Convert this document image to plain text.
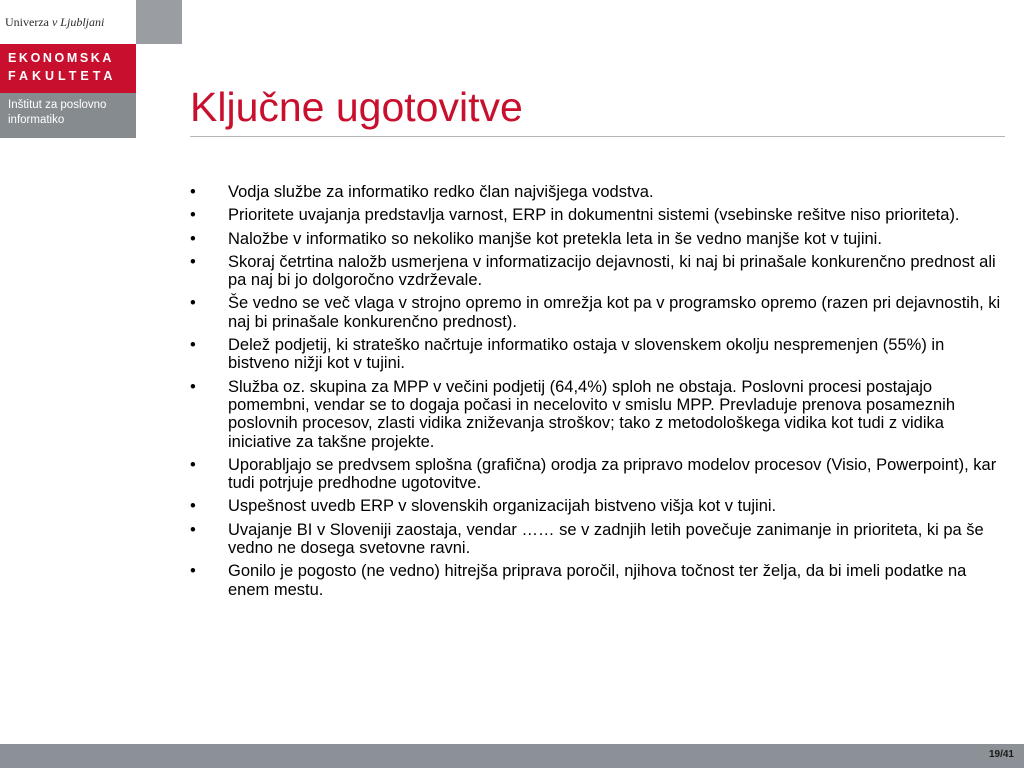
Univerza v Ljubljani
EKONOMSKA
FAKULTETA
Inštitut za poslovno
informatiko	Ključne ugotovitve
•	Vodja službe za informatiko redko član najvišjega vodstva.
•	Prioritete uvajanja predstavlja varnost, ERP in dokumentni sistemi (vsebinske rešitve niso prioriteta).
•	Naložbe v informatiko so nekoliko manjše kot pretekla leta in še vedno manjše kot v tujini.
•	Skoraj četrtina naložb usmerjena v informatizacijo dejavnosti, ki naj bi prinašale konkurenčno prednost ali pa naj bi jo dolgoročno vzdrževale.
•	Še vedno se več vlaga v strojno opremo in omrežja kot pa v programsko opremo (razen pri dejavnostih, ki naj bi prinašale konkurenčno prednost).
•	Delež podjetij, ki strateško načrtuje informatiko ostaja v slovenskem okolju nespremenjen (55%) in bistveno nižji kot v tujini.
•	Služba oz. skupina za MPP v večini podjetij (64,4%) sploh ne obstaja. Poslovni procesi postajajo pomembni, vendar se to dogaja počasi in necelovito v smislu MPP. Prevladuje prenova posameznih poslovnih procesov, zlasti vidika zniževanja stroškov; tako z metodološkega vidika kot tudi z vidika iniciative za takšne projekte.
•	Uporabljajo se predvsem splošna (grafična) orodja za pripravo modelov procesov (Visio, Powerpoint), kar tudi potrjuje predhodne ugotovitve.
•	Uspešnost uvedb ERP v slovenskih organizacijah bistveno višja kot v tujini.
•	Uvajanje BI v Sloveniji zaostaja, vendar …… se v zadnjih letih povečuje zanimanje in prioriteta, ki pa še vedno ne dosega svetovne ravni.
•	Gonilo je pogosto (ne vedno) hitrejša priprava poročil, njihova točnost ter želja, da bi imeli podatke na enem mestu.
19/41
